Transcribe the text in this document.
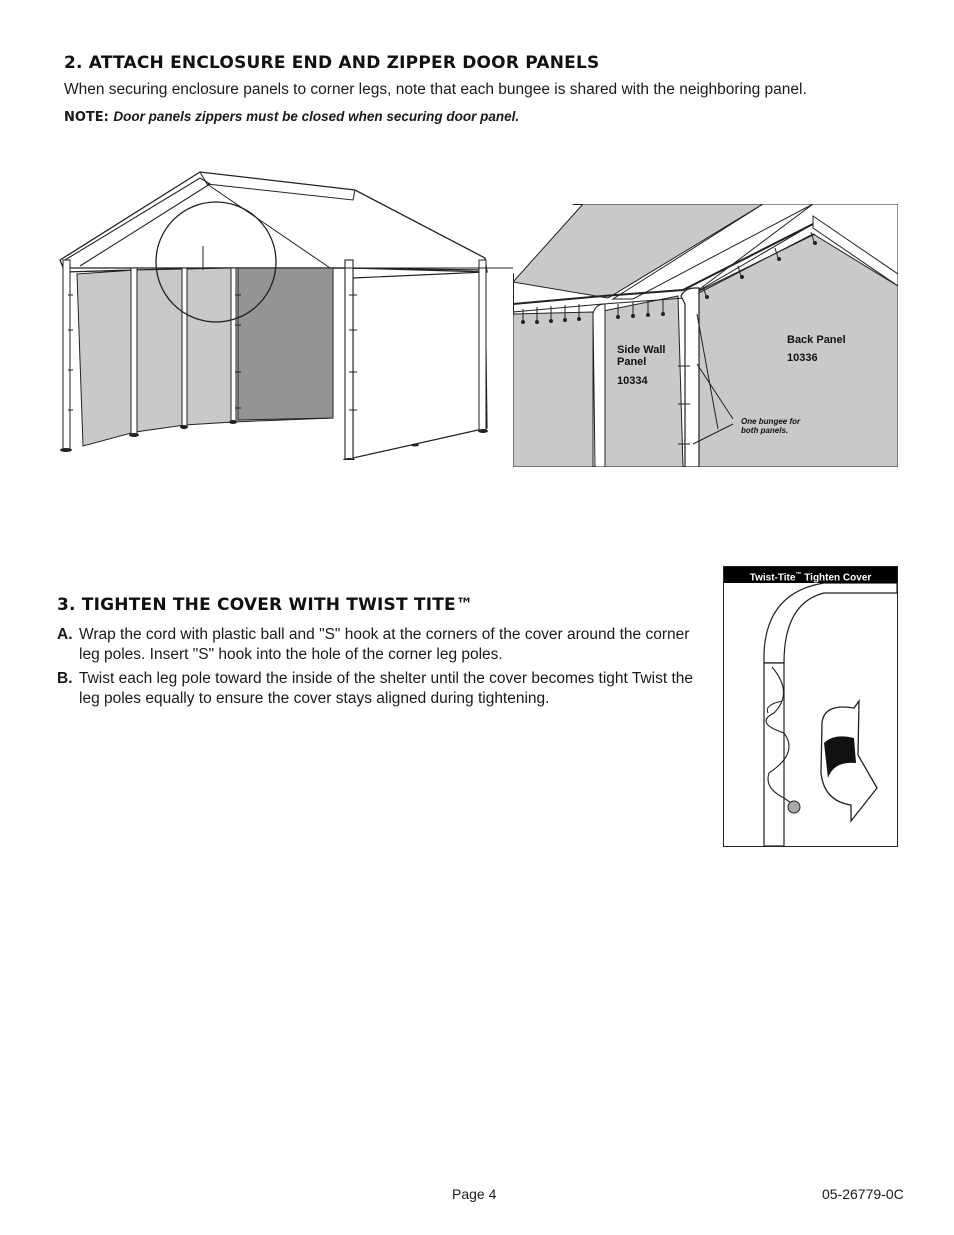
2. ATTACH ENCLOSURE END AND ZIPPER DOOR PANELS
When securing enclosure panels to corner legs, note that each bungee is shared with the neighboring panel.
NOTE: Door panels zippers must be closed when securing door panel.
Side Wall
Panel
10334
Back Panel
10336
One bungee for
both panels.
3. TIGHTEN THE COVER WITH TWIST TITE™
A. Wrap the cord with plastic ball and "S" hook at the corners of the cover around the corner leg poles. Insert "S" hook into the hole of the corner leg poles.
B. Twist each leg pole toward the inside of the shelter until the cover becomes tight Twist the leg poles equally to ensure the cover stays aligned during tightening.
Twist-Tite™ Tighten Cover
Page 4	05-26779-0C
